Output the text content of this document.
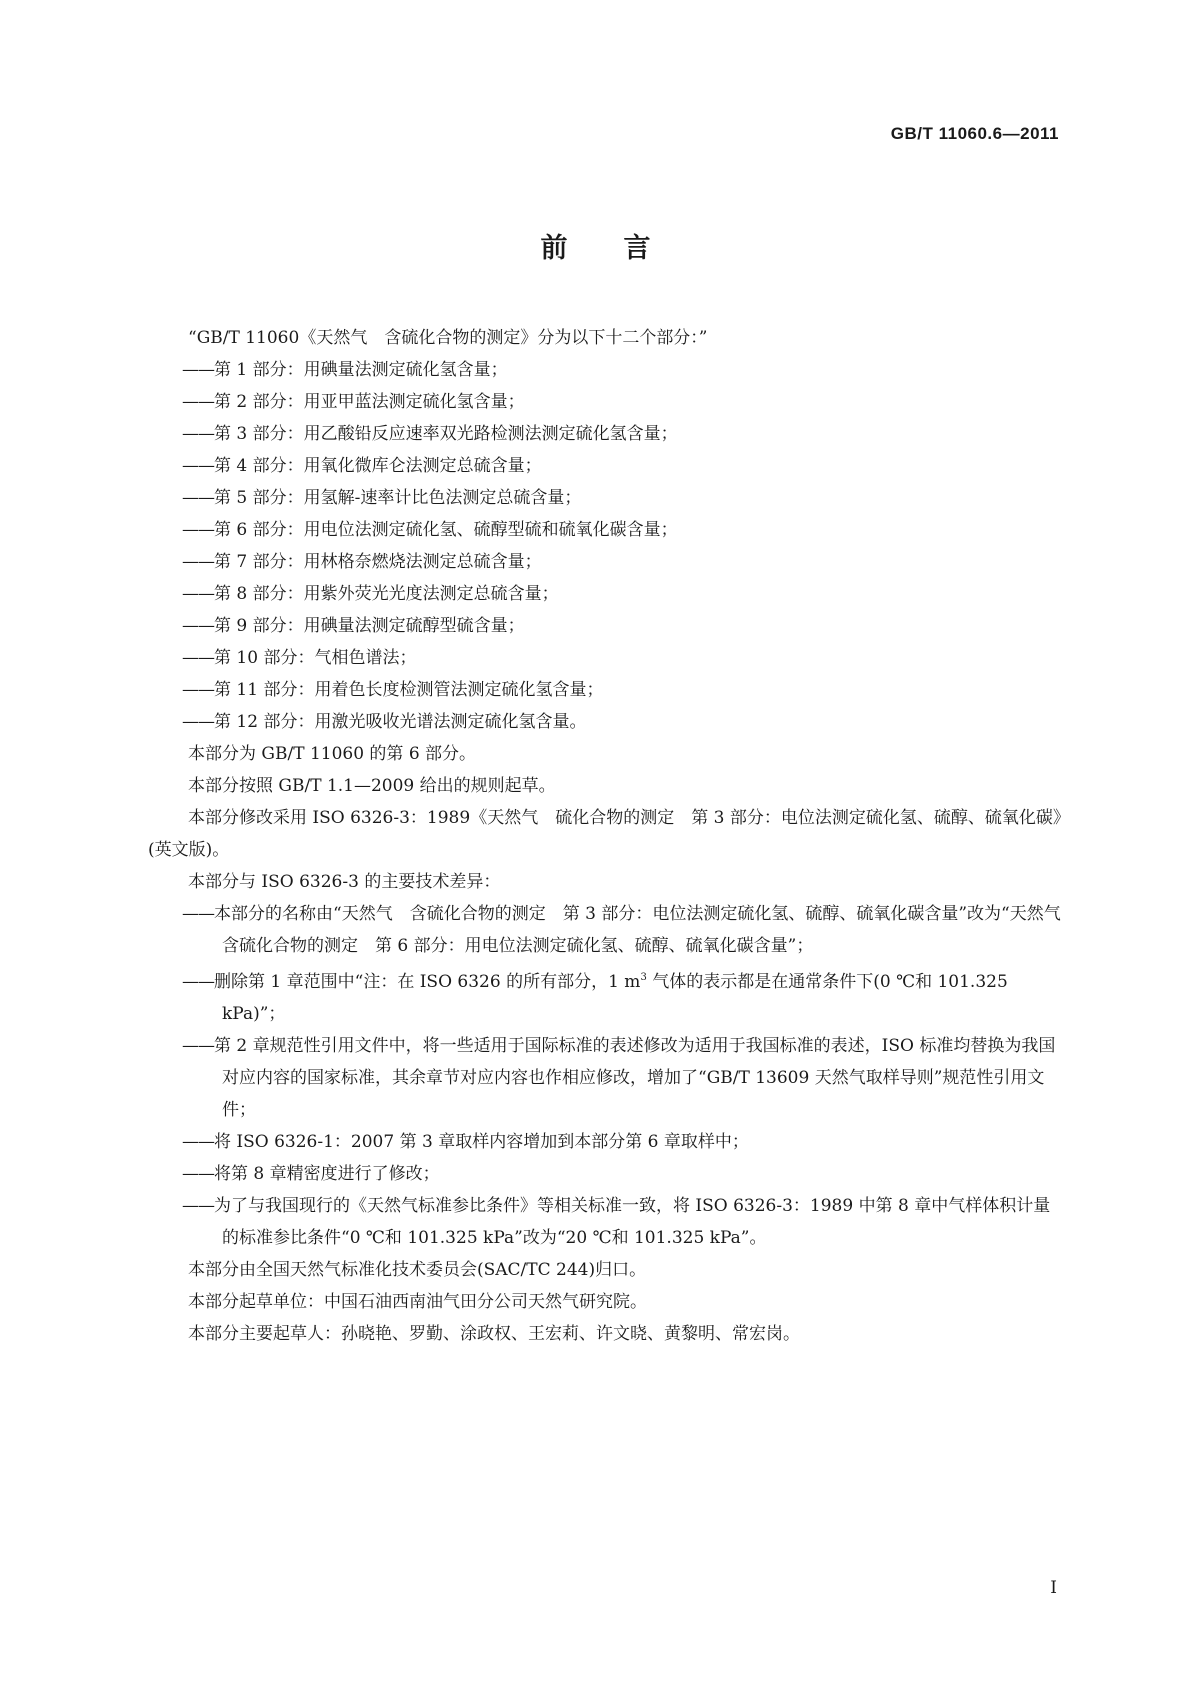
GB/T 11060.6—2011
前言

“GB/T 11060《天然气　含硫化合物的测定》分为以下十二个部分：”

——第 1 部分：用碘量法测定硫化氢含量；

——第 2 部分：用亚甲蓝法测定硫化氢含量；

——第 3 部分：用乙酸铅反应速率双光路检测法测定硫化氢含量；

——第 4 部分：用氧化微库仑法测定总硫含量；

——第 5 部分：用氢解-速率计比色法测定总硫含量；

——第 6 部分：用电位法测定硫化氢、硫醇型硫和硫氧化碳含量；

——第 7 部分：用林格奈燃烧法测定总硫含量；

——第 8 部分：用紫外荧光光度法测定总硫含量；

——第 9 部分：用碘量法测定硫醇型硫含量；

——第 10 部分：气相色谱法；

——第 11 部分：用着色长度检测管法测定硫化氢含量；

——第 12 部分：用激光吸收光谱法测定硫化氢含量。

本部分为 GB/T 11060 的第 6 部分。

本部分按照 GB/T 1.1—2009 给出的规则起草。

本部分修改采用 ISO 6326-3：1989《天然气　硫化合物的测定　第 3 部分：电位法测定硫化氢、硫醇、硫氧化碳》(英文版)。

本部分与 ISO 6326-3 的主要技术差异：

——本部分的名称由“天然气　含硫化合物的测定　第 3 部分：电位法测定硫化氢、硫醇、硫氧化碳含量”改为“天然气　含硫化合物的测定　第 6 部分：用电位法测定硫化氢、硫醇、硫氧化碳含量”；

——删除第 1 章范围中“注：在 ISO 6326 的所有部分，1 $m^3$ 气体的表示都是在通常条件下(0 ℃和 101.325 kPa)”；

——第 2 章规范性引用文件中，将一些适用于国际标准的表述修改为适用于我国标准的表述，ISO 标准均替换为我国对应内容的国家标准，其余章节对应内容也作相应修改，增加了“GB/T 13609 天然气取样导则”规范性引用文件；

——将 ISO 6326-1：2007 第 3 章取样内容增加到本部分第 6 章取样中；

——将第 8 章精密度进行了修改；

——为了与我国现行的《天然气标准参比条件》等相关标准一致，将 ISO 6326-3：1989 中第 8 章中气样体积计量的标准参比条件“0 ℃和 101.325 kPa”改为“20 ℃和 101.325 kPa”。

本部分由全国天然气标准化技术委员会(SAC/TC 244)归口。

本部分起草单位：中国石油西南油气田分公司天然气研究院。

本部分主要起草人：孙晓艳、罗勤、涂政权、王宏莉、许文晓、黄黎明、常宏岗。

I
